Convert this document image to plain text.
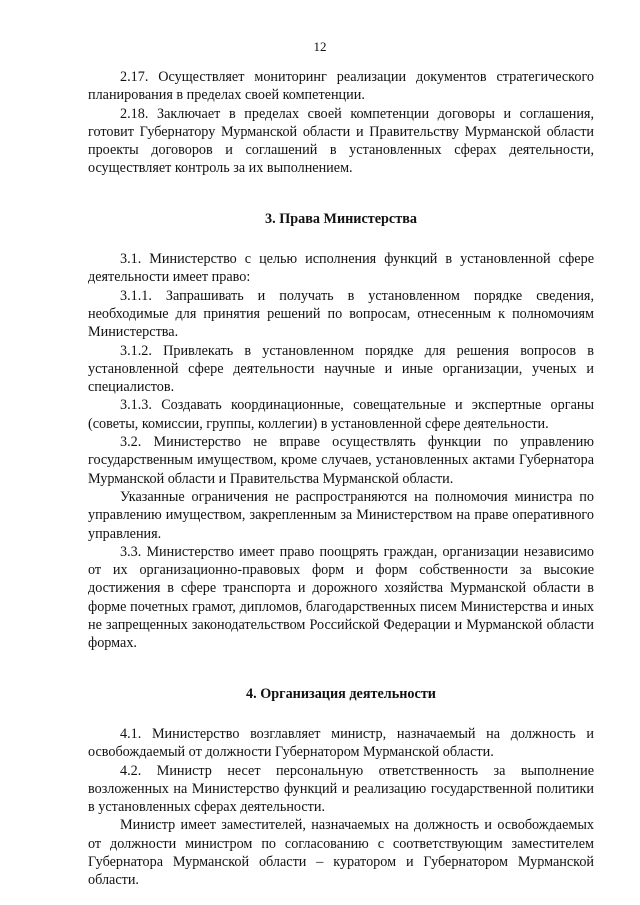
12

2.17. Осуществляет мониторинг реализации документов стратегического планирования в пределах своей компетенции.

2.18. Заключает в пределах своей компетенции договоры и соглашения, готовит Губернатору Мурманской области и Правительству Мурманской области проекты договоров и соглашений в установленных сферах деятельности, осуществляет контроль за их выполнением.

3. Права Министерства

3.1. Министерство с целью исполнения функций в установленной сфере деятельности имеет право:

3.1.1. Запрашивать и получать в установленном порядке сведения, необходимые для принятия решений по вопросам, отнесенным к полномочиям Министерства.

3.1.2. Привлекать в установленном порядке для решения вопросов в установленной сфере деятельности научные и иные организации, ученых и специалистов.

3.1.3. Создавать координационные, совещательные и экспертные органы (советы, комиссии, группы, коллегии) в установленной сфере деятельности.

3.2. Министерство не вправе осуществлять функции по управлению государственным имуществом, кроме случаев, установленных актами Губернатора Мурманской области и Правительства Мурманской области.

Указанные ограничения не распространяются на полномочия министра по управлению имуществом, закрепленным за Министерством на праве оперативного управления.

3.3. Министерство имеет право поощрять граждан, организации независимо от их организационно-правовых форм и форм собственности за высокие достижения в сфере транспорта и дорожного хозяйства Мурманской области в форме почетных грамот, дипломов, благодарственных писем Министерства и иных не запрещенных законодательством Российской Федерации и Мурманской области формах.

4. Организация деятельности

4.1. Министерство возглавляет министр, назначаемый на должность и освобождаемый от должности Губернатором Мурманской области.

4.2. Министр несет персональную ответственность за выполнение возложенных на Министерство функций и реализацию государственной политики в установленных сферах деятельности.

Министр имеет заместителей, назначаемых на должность и освобождаемых от должности министром по согласованию с соответствующим заместителем Губернатора Мурманской области – куратором и Губернатором Мурманской области.
